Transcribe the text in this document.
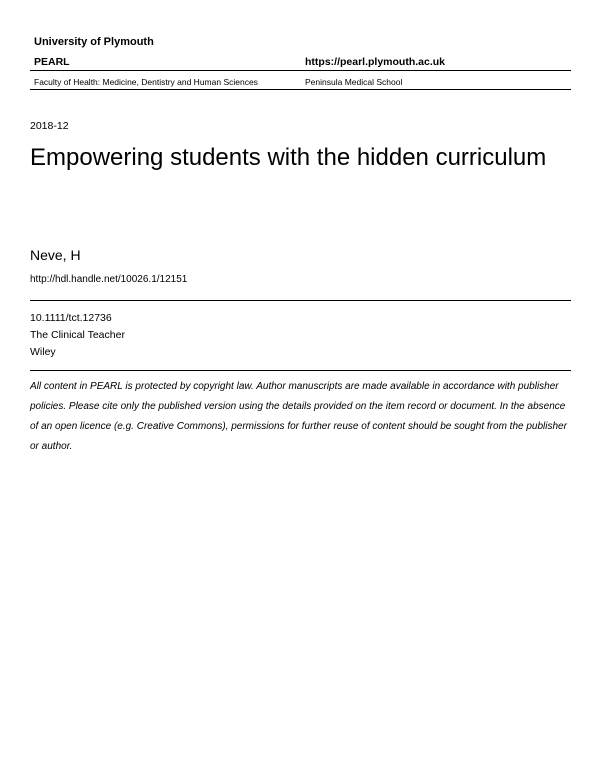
University of Plymouth
PEARL	https://pearl.plymouth.ac.uk
Faculty of Health: Medicine, Dentistry and Human Sciences	Peninsula Medical School
2018-12
Empowering students with the hidden curriculum
Neve, H
http://hdl.handle.net/10026.1/12151
10.1111/tct.12736
The Clinical Teacher
Wiley
All content in PEARL is protected by copyright law. Author manuscripts are made available in accordance with publisher policies. Please cite only the published version using the details provided on the item record or document. In the absence of an open licence (e.g. Creative Commons), permissions for further reuse of content should be sought from the publisher or author.
